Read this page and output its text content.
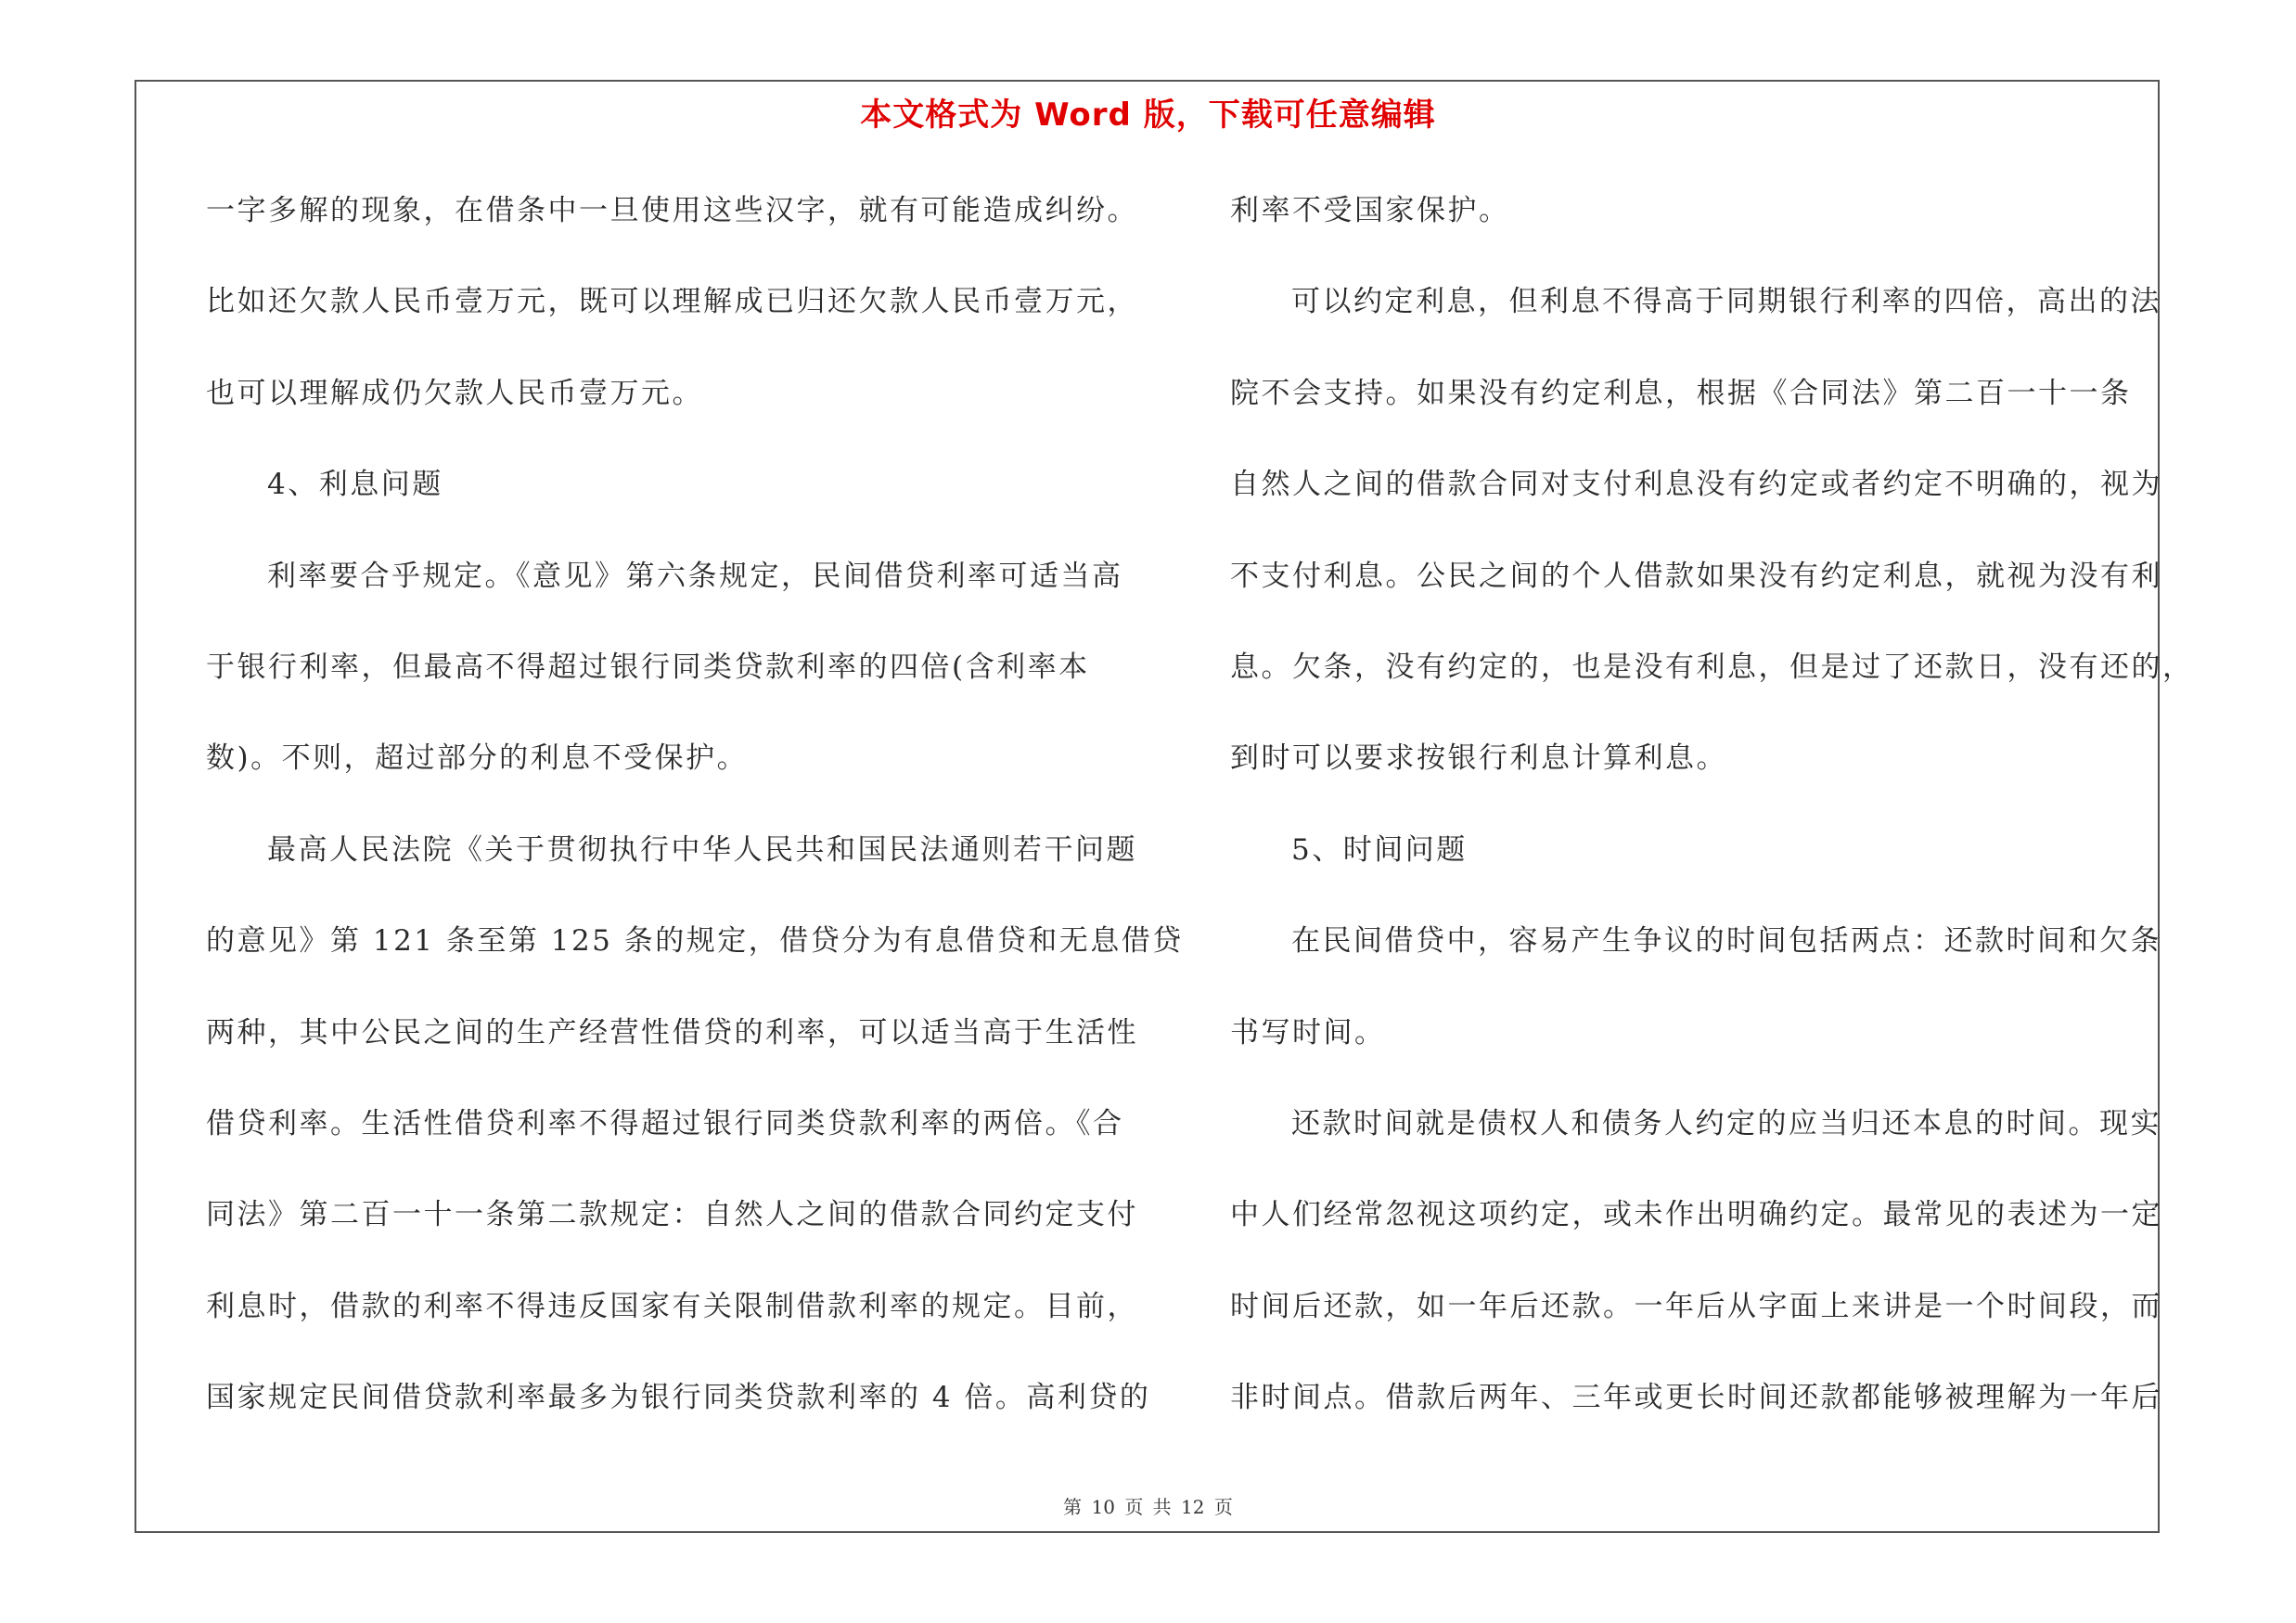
本文格式为 Word 版，下载可任意编辑
一字多解的现象，在借条中一旦使用这些汉字，就有可能造成纠纷。
比如还欠款人民币壹万元，既可以理解成已归还欠款人民币壹万元，
也可以理解成仍欠款人民币壹万元。
4、利息问题
利率要合乎规定。《意见》第六条规定，民间借贷利率可适当高
于银行利率，但最高不得超过银行同类贷款利率的四倍(含利率本
数)。不则，超过部分的利息不受保护。
最高人民法院《关于贯彻执行中华人民共和国民法通则若干问题
的意见》第 121 条至第 125 条的规定，借贷分为有息借贷和无息借贷
两种，其中公民之间的生产经营性借贷的利率，可以适当高于生活性
借贷利率。生活性借贷利率不得超过银行同类贷款利率的两倍。《合
同法》第二百一十一条第二款规定：自然人之间的借款合同约定支付
利息时，借款的利率不得违反国家有关限制借款利率的规定。目前，
国家规定民间借贷款利率最多为银行同类贷款利率的 4 倍。高利贷的
利率不受国家保护。
可以约定利息，但利息不得高于同期银行利率的四倍，高出的法
院不会支持。如果没有约定利息，根据《合同法》第二百一十一条
自然人之间的借款合同对支付利息没有约定或者约定不明确的，视为
不支付利息。公民之间的个人借款如果没有约定利息，就视为没有利
息。欠条，没有约定的，也是没有利息，但是过了还款日，没有还的，
到时可以要求按银行利息计算利息。
5、时间问题
在民间借贷中，容易产生争议的时间包括两点：还款时间和欠条
书写时间。
还款时间就是债权人和债务人约定的应当归还本息的时间。现实
中人们经常忽视这项约定，或未作出明确约定。最常见的表述为一定
时间后还款，如一年后还款。一年后从字面上来讲是一个时间段，而
非时间点。借款后两年、三年或更长时间还款都能够被理解为一年后
第 10 页 共 12 页
